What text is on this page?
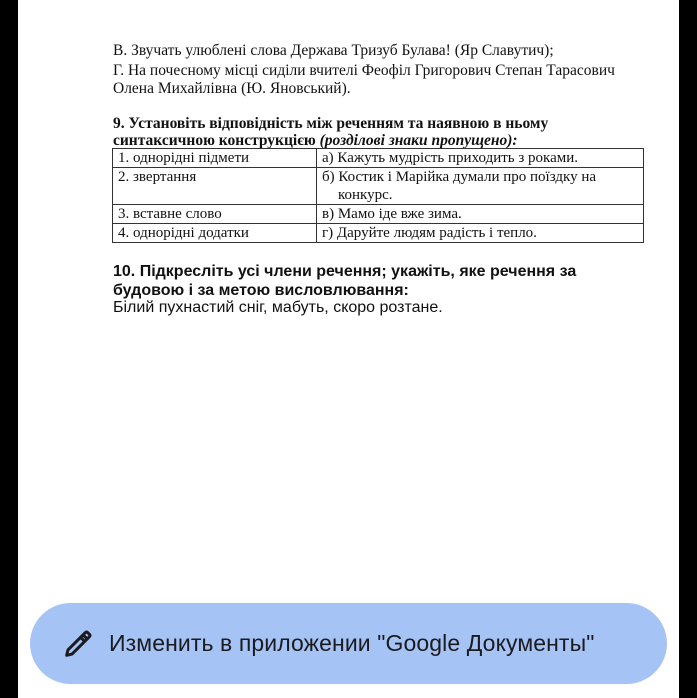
В. Звучать улюблені слова Держава Тризуб Булава! (Яр Славутич);
Г. На почесному місці сиділи вчителі Феофіл Григорович Степан Тарасович
Олена Михайлівна (Ю. Яновський).
9. Установіть відповідність між реченням та наявною в ньому
синтаксичною конструкцією (розділові знаки пропущено):
1. однорідні підмети	а) Кажуть мудрість приходить з роками.
2. звертання	б) Костик і Марійка думали про поїздку на
конкурс.

3. вставне слово	в) Мамо іде вже зима.
4. однорідні додатки	г) Даруйте людям радість і тепло.
10. Підкресліть усі члени речення; укажіть, яке речення за
будовою і за метою висловлювання:
Білий пухнастий сніг, мабуть, скоро розтане.
Изменить в приложении "Google Документы"
